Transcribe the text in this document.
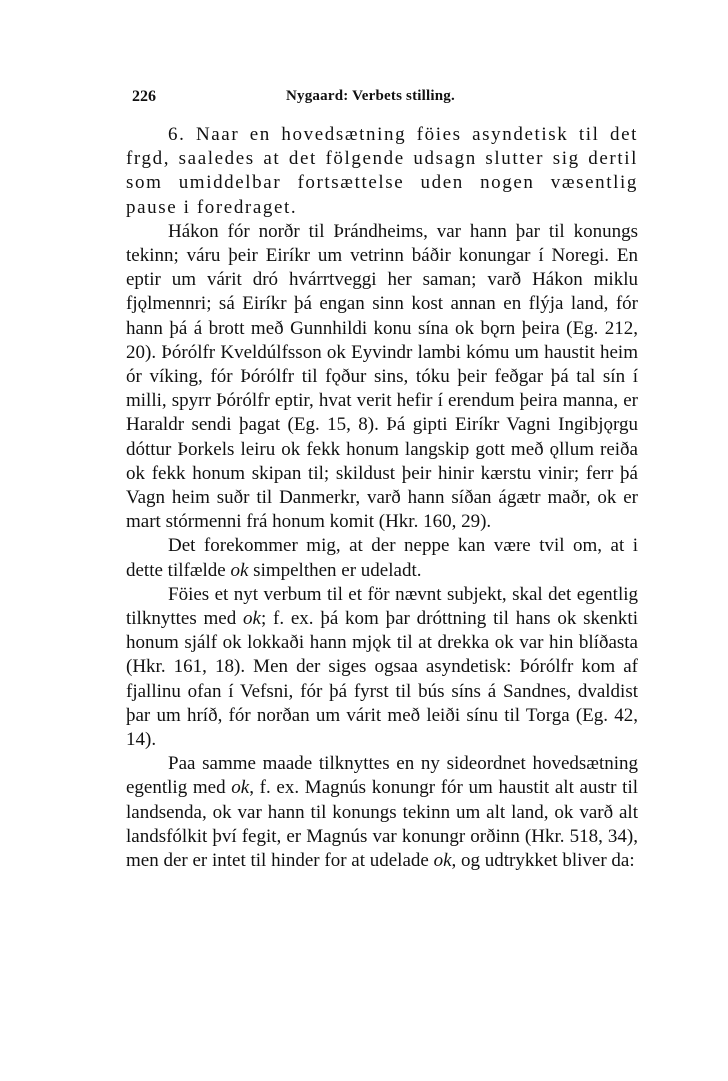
226	Nygaard: Verbets stilling.

6. Naar en hovedsætning föies asyndetisk til det frgd, saaledes at det fölgende udsagn slutter sig dertil som umiddelbar fortsættelse uden nogen væsentlig pause i foredraget.

Hákon fór norðr til Þrándheims, var hann þar til konungs tekinn; váru þeir Eiríkr um vetrinn báðir konungar í Noregi. En eptir um várit dró hvárrtveggi her saman; varð Hákon miklu fjǫlmennri; sá Eiríkr þá engan sinn kost annan en flýja land, fór hann þá á brott með Gunnhildi konu sína ok bǫrn þeira (Eg. 212, 20). Þórólfr Kveldúlfsson ok Eyvindr lambi kómu um haustit heim ór víking, fór Þórólfr til fǫður sins, tóku þeir feðgar þá tal sín í milli, spyrr Þórólfr eptir, hvat verit hefir í erendum þeira manna, er Haraldr sendi þagat (Eg. 15, 8). Þá gipti Eiríkr Vagni Ingibjǫrgu dóttur Þorkels leiru ok fekk honum langskip gott með ǫllum reiða ok fekk honum skipan til; skildust þeir hinir kærstu vinir; ferr þá Vagn heim suðr til Danmerkr, varð hann síðan ágætr maðr, ok er mart stórmenni frá honum komit (Hkr. 160, 29).

Det forekommer mig, at der neppe kan være tvil om, at i dette tilfælde ok simpelthen er udeladt.

Föies et nyt verbum til et för nævnt subjekt, skal det egentlig tilknyttes med ok; f. ex. þá kom þar dróttning til hans ok skenkti honum sjálf ok lokkaði hann mjǫk til at drekka ok var hin blíðasta (Hkr. 161, 18). Men der siges ogsaa asyndetisk: Þórólfr kom af fjallinu ofan í Vefsni, fór þá fyrst til bús síns á Sandnes, dvaldist þar um hríð, fór norðan um várit með leiði sínu til Torga (Eg. 42, 14).

Paa samme maade tilknyttes en ny sideordnet hovedsætning egentlig med ok, f. ex. Magnús konungr fór um haustit alt austr til landsenda, ok var hann til konungs tekinn um alt land, ok varð alt landsfólkit því fegit, er Magnús var konungr orðinn (Hkr. 518, 34), men der er intet til hinder for at udelade ok, og udtrykket bliver da:
